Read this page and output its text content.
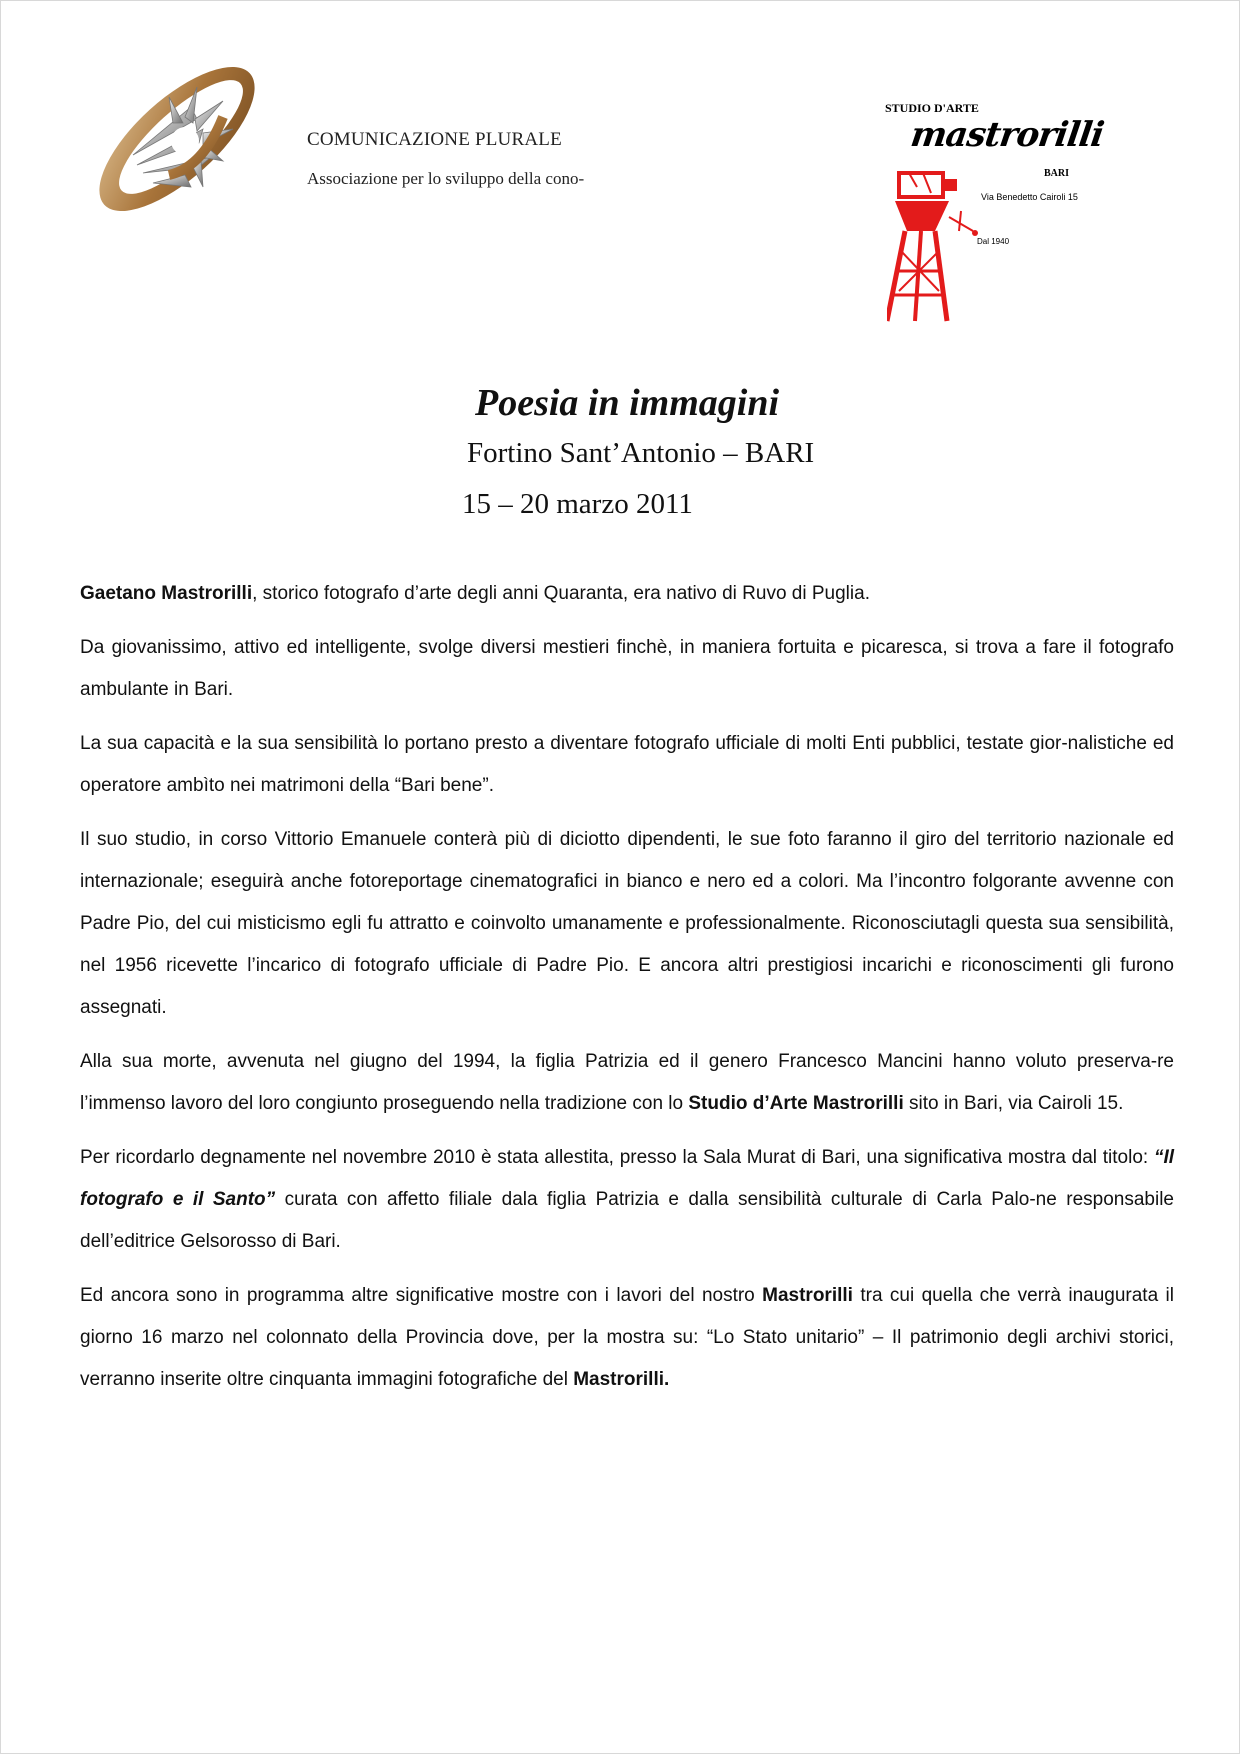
COMUNICAZIONE PLURALE
Associazione per lo sviluppo della cono-
STUDIO D'ARTE
mastrorilli
BARI
Via Benedetto Cairoli 15
Dal 1940
Poesia in immagini
Fortino Sant’Antonio – BARI
15 – 20 marzo 2011

Gaetano Mastrorilli, storico fotografo d’arte degli anni Quaranta, era nativo di Ruvo di Puglia.

Da giovanissimo, attivo ed intelligente, svolge diversi mestieri finchè, in maniera fortuita e picaresca, si trova a fare il fotografo ambulante in Bari.

La sua capacità e la sua sensibilità lo portano presto a diventare fotografo ufficiale di molti Enti pubblici, testate gior-nalistiche ed operatore ambìto nei matrimoni della “Bari bene”.

Il suo studio, in corso Vittorio Emanuele conterà più di diciotto dipendenti, le sue foto faranno il giro del territorio nazionale ed internazionale; eseguirà anche fotoreportage cinematografici in bianco e nero ed a colori. Ma l’incontro folgorante avvenne con Padre Pio, del cui misticismo egli fu attratto e coinvolto umanamente e professionalmente. Riconosciutagli questa sua sensibilità, nel 1956 ricevette l’incarico di fotografo ufficiale di Padre Pio. E ancora altri prestigiosi incarichi e riconoscimenti gli furono assegnati.

Alla sua morte, avvenuta nel giugno del 1994, la figlia Patrizia ed il genero Francesco Mancini hanno voluto preserva-re l’immenso lavoro del loro congiunto proseguendo nella tradizione con lo Studio d’Arte Mastrorilli sito in Bari, via Cairoli 15.

Per ricordarlo degnamente nel novembre 2010 è stata allestita, presso la Sala Murat di Bari, una significativa mostra dal titolo: “Il fotografo e il Santo” curata con affetto filiale dala figlia Patrizia e dalla sensibilità culturale di Carla Palo-ne responsabile dell’editrice Gelsorosso di Bari.

Ed ancora sono in programma altre significative mostre con i lavori del nostro Mastrorilli tra cui quella che verrà inaugurata il giorno 16 marzo nel colonnato della Provincia dove, per la mostra su: “Lo Stato unitario” – Il patrimonio degli archivi storici, verranno inserite oltre cinquanta immagini fotografiche del Mastrorilli.
